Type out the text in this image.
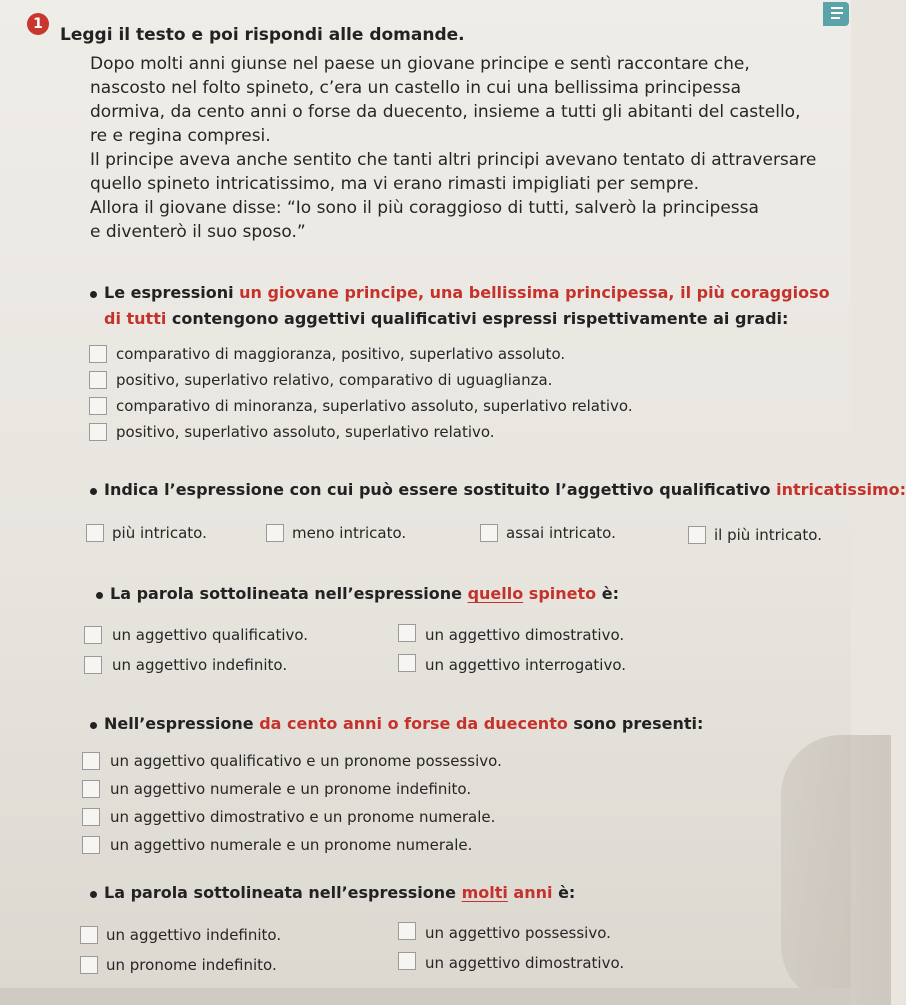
1
Leggi il testo e poi rispondi alle domande.
Dopo molti anni giunse nel paese un giovane principe e sentì raccontare che,
nascosto nel folto spineto, c’era un castello in cui una bellissima principessa
dormiva, da cento anni o forse da duecento, insieme a tutti gli abitanti del castello,
re e regina compresi.
Il principe aveva anche sentito che tanti altri principi avevano tentato di attraversare
quello spineto intricatissimo, ma vi erano rimasti impigliati per sempre.
Allora il giovane disse: “Io sono il più coraggioso di tutti, salverò la principessa
e diventerò il suo sposo.”
Le espressioni un giovane principe, una bellissima principessa, il più coraggioso
di tutti contengono aggettivi qualificativi espressi rispettivamente ai gradi:
comparativo di maggioranza, positivo, superlativo assoluto.
positivo, superlativo relativo, comparativo di uguaglianza.
comparativo di minoranza, superlativo assoluto, superlativo relativo.
positivo, superlativo assoluto, superlativo relativo.
Indica l’espressione con cui può essere sostituito l’aggettivo qualificativo intricatissimo:
più intricato.	meno intricato.	assai intricato.	il più intricato.
La parola sottolineata nell’espressione quello spineto è:
un aggettivo qualificativo.	un aggettivo dimostrativo.
un aggettivo indefinito.	un aggettivo interrogativo.
Nell’espressione da cento anni o forse da duecento sono presenti:
un aggettivo qualificativo e un pronome possessivo.
un aggettivo numerale e un pronome indefinito.
un aggettivo dimostrativo e un pronome numerale.
un aggettivo numerale e un pronome numerale.
La parola sottolineata nell’espressione molti anni è:
un aggettivo indefinito.	un aggettivo possessivo.
un pronome indefinito.	un aggettivo dimostrativo.
